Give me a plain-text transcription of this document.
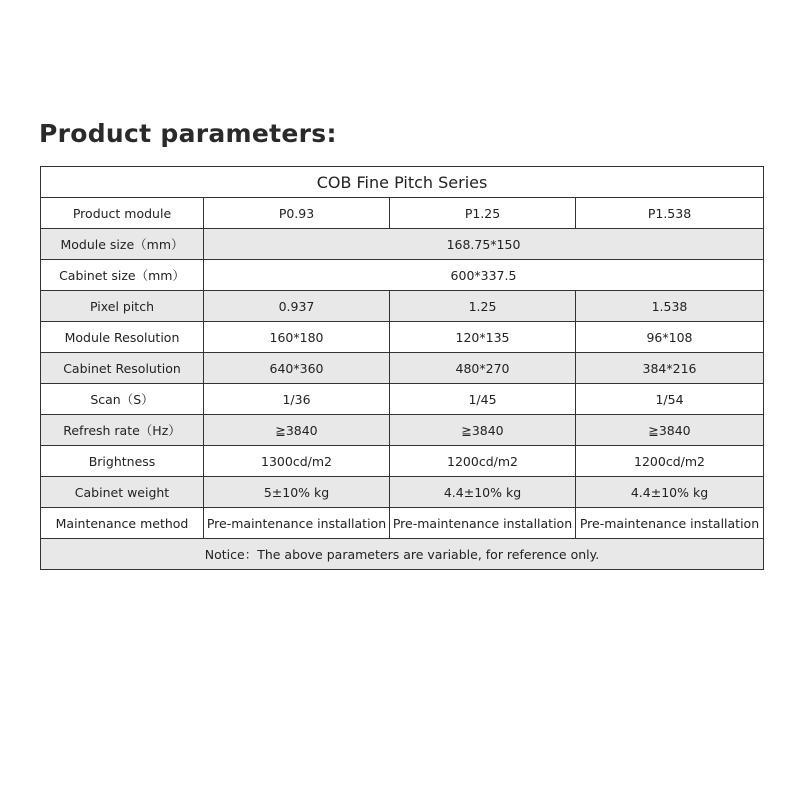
Product parameters:
COB Fine Pitch Series			
Product module	P0.93	P1.25	P1.538
Module size（mm）	168.75*150		
Cabinet size（mm）	600*337.5		
Pixel pitch	0.937	1.25	1.538
Module Resolution	160*180	120*135	96*108
Cabinet Resolution	640*360	480*270	384*216
Scan（S）	1/36	1/45	1/54
Refresh rate（Hz）	≧3840	≧3840	≧3840
Brightness	1300cd/m2	1200cd/m2	1200cd/m2
Cabinet weight	5±10% kg	4.4±10% kg	4.4±10% kg
Maintenance method	Pre-maintenance installation	Pre-maintenance installation	Pre-maintenance installation
Notice：The above parameters are variable, for reference only.			
